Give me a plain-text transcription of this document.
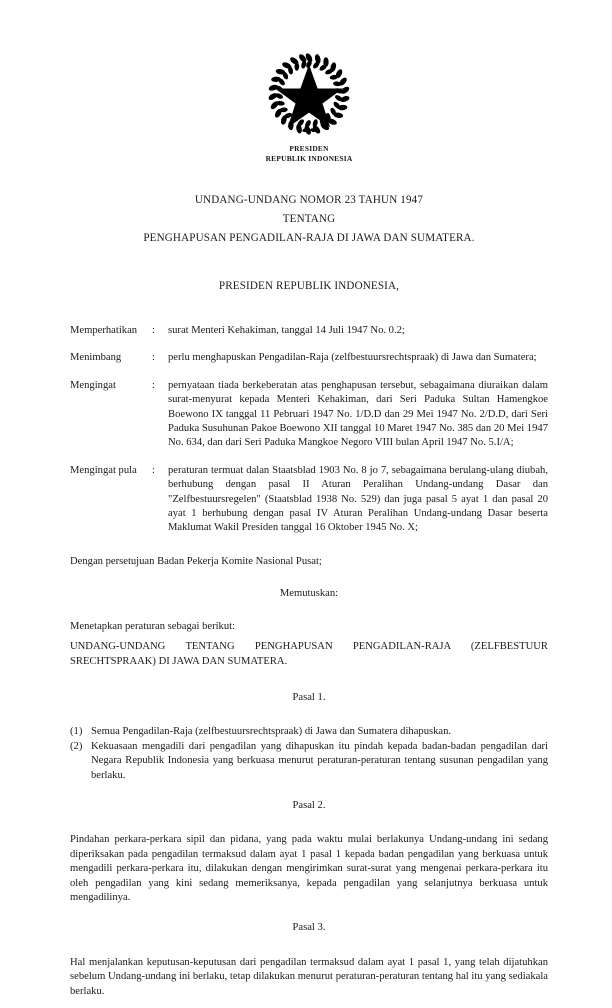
PRESIDEN
REPUBLIK INDONESIA
UNDANG-UNDANG NOMOR 23 TAHUN 1947
TENTANG
PENGHAPUSAN PENGADILAN-RAJA DI JAWA DAN SUMATERA.
PRESIDEN REPUBLIK INDONESIA,
Memperhatikan	:	surat Menteri Kehakiman, tanggal 14 Juli 1947 No. 0.2;
Menimbang	:	perlu menghapuskan Pengadilan-Raja (zelfbestuursrechtspraak) di Jawa dan Sumatera;
Mengingat	:	pernyataan tiada berkeberatan atas penghapusan tersebut, sebagaimana diuraikan dalam surat-menyurat kepada Menteri Kehakiman, dari Seri Paduka Sultan Hamengkoe Boewono IX tanggal 11 Pebruari 1947 No. 1/D.D dan 29 Mei 1947 No. 2/D.D, dari Seri Paduka Susuhunan Pakoe Boewono XII tanggal 10 Maret 1947 No. 385 dan 20 Mei 1947 No. 634, dan dari Seri Paduka Mangkoe Negoro VIII bulan April 1947 No. 5.I/A;
Mengingat pula	:	peraturan termuat dalan Staatsblad 1903 No. 8 jo 7, sebagaimana berulang-ulang diubah, berhubung dengan pasal II Aturan Peralihan Undang-undang Dasar dan "Zelfbestuursregelen" (Staatsblad 1938 No. 529) dan juga pasal 5 ayat 1 dan pasal 20 ayat 1 berhubung dengan pasal IV Aturan Peralihan Undang-undang Dasar beserta Maklumat Wakil Presiden tanggal 16 Oktober 1945 No. X;
Dengan persetujuan Badan Pekerja Komite Nasional Pusat;
Memutuskan:
Menetapkan peraturan sebagai berikut:
UNDANG-UNDANG TENTANG PENGHAPUSAN PENGADILAN-RAJA (ZELFBESTUUR SRECHTSPRAAK) DI JAWA DAN SUMATERA.
Pasal 1.
(1) Semua Pengadilan-Raja (zelfbestuursrechtspraak) di Jawa dan Sumatera dihapuskan.
(2) Kekuasaan mengadili dari pengadilan yang dihapuskan itu pindah kepada badan-badan pengadilan dari Negara Republik Indonesia yang berkuasa menurut peraturan-peraturan tentang susunan pengadilan yang berlaku.
Pasal 2.
Pindahan perkara-perkara sipil dan pidana, yang pada waktu mulai berlakunya Undang-undang ini sedang diperiksakan pada pengadilan termaksud dalam ayat 1 pasal 1 kepada badan pengadilan yang berkuasa untuk mengadili perkara-perkara itu, dilakukan dengan mengirimkan surat-surat yang mengenai perkara-perkara itu oleh pengadilan yang kini sedang memeriksanya, kepada pengadilan yang selanjutnya berkuasa untuk mengadilinya.
Pasal 3.
Hal menjalankan keputusan-keputusan dari pengadilan termaksud dalam ayat 1 pasal 1, yang telah dijatuhkan sebelum Undang-undang ini berlaku, tetap dilakukan menurut peraturan-peraturan tentang hal itu yang sediakala berlaku.
